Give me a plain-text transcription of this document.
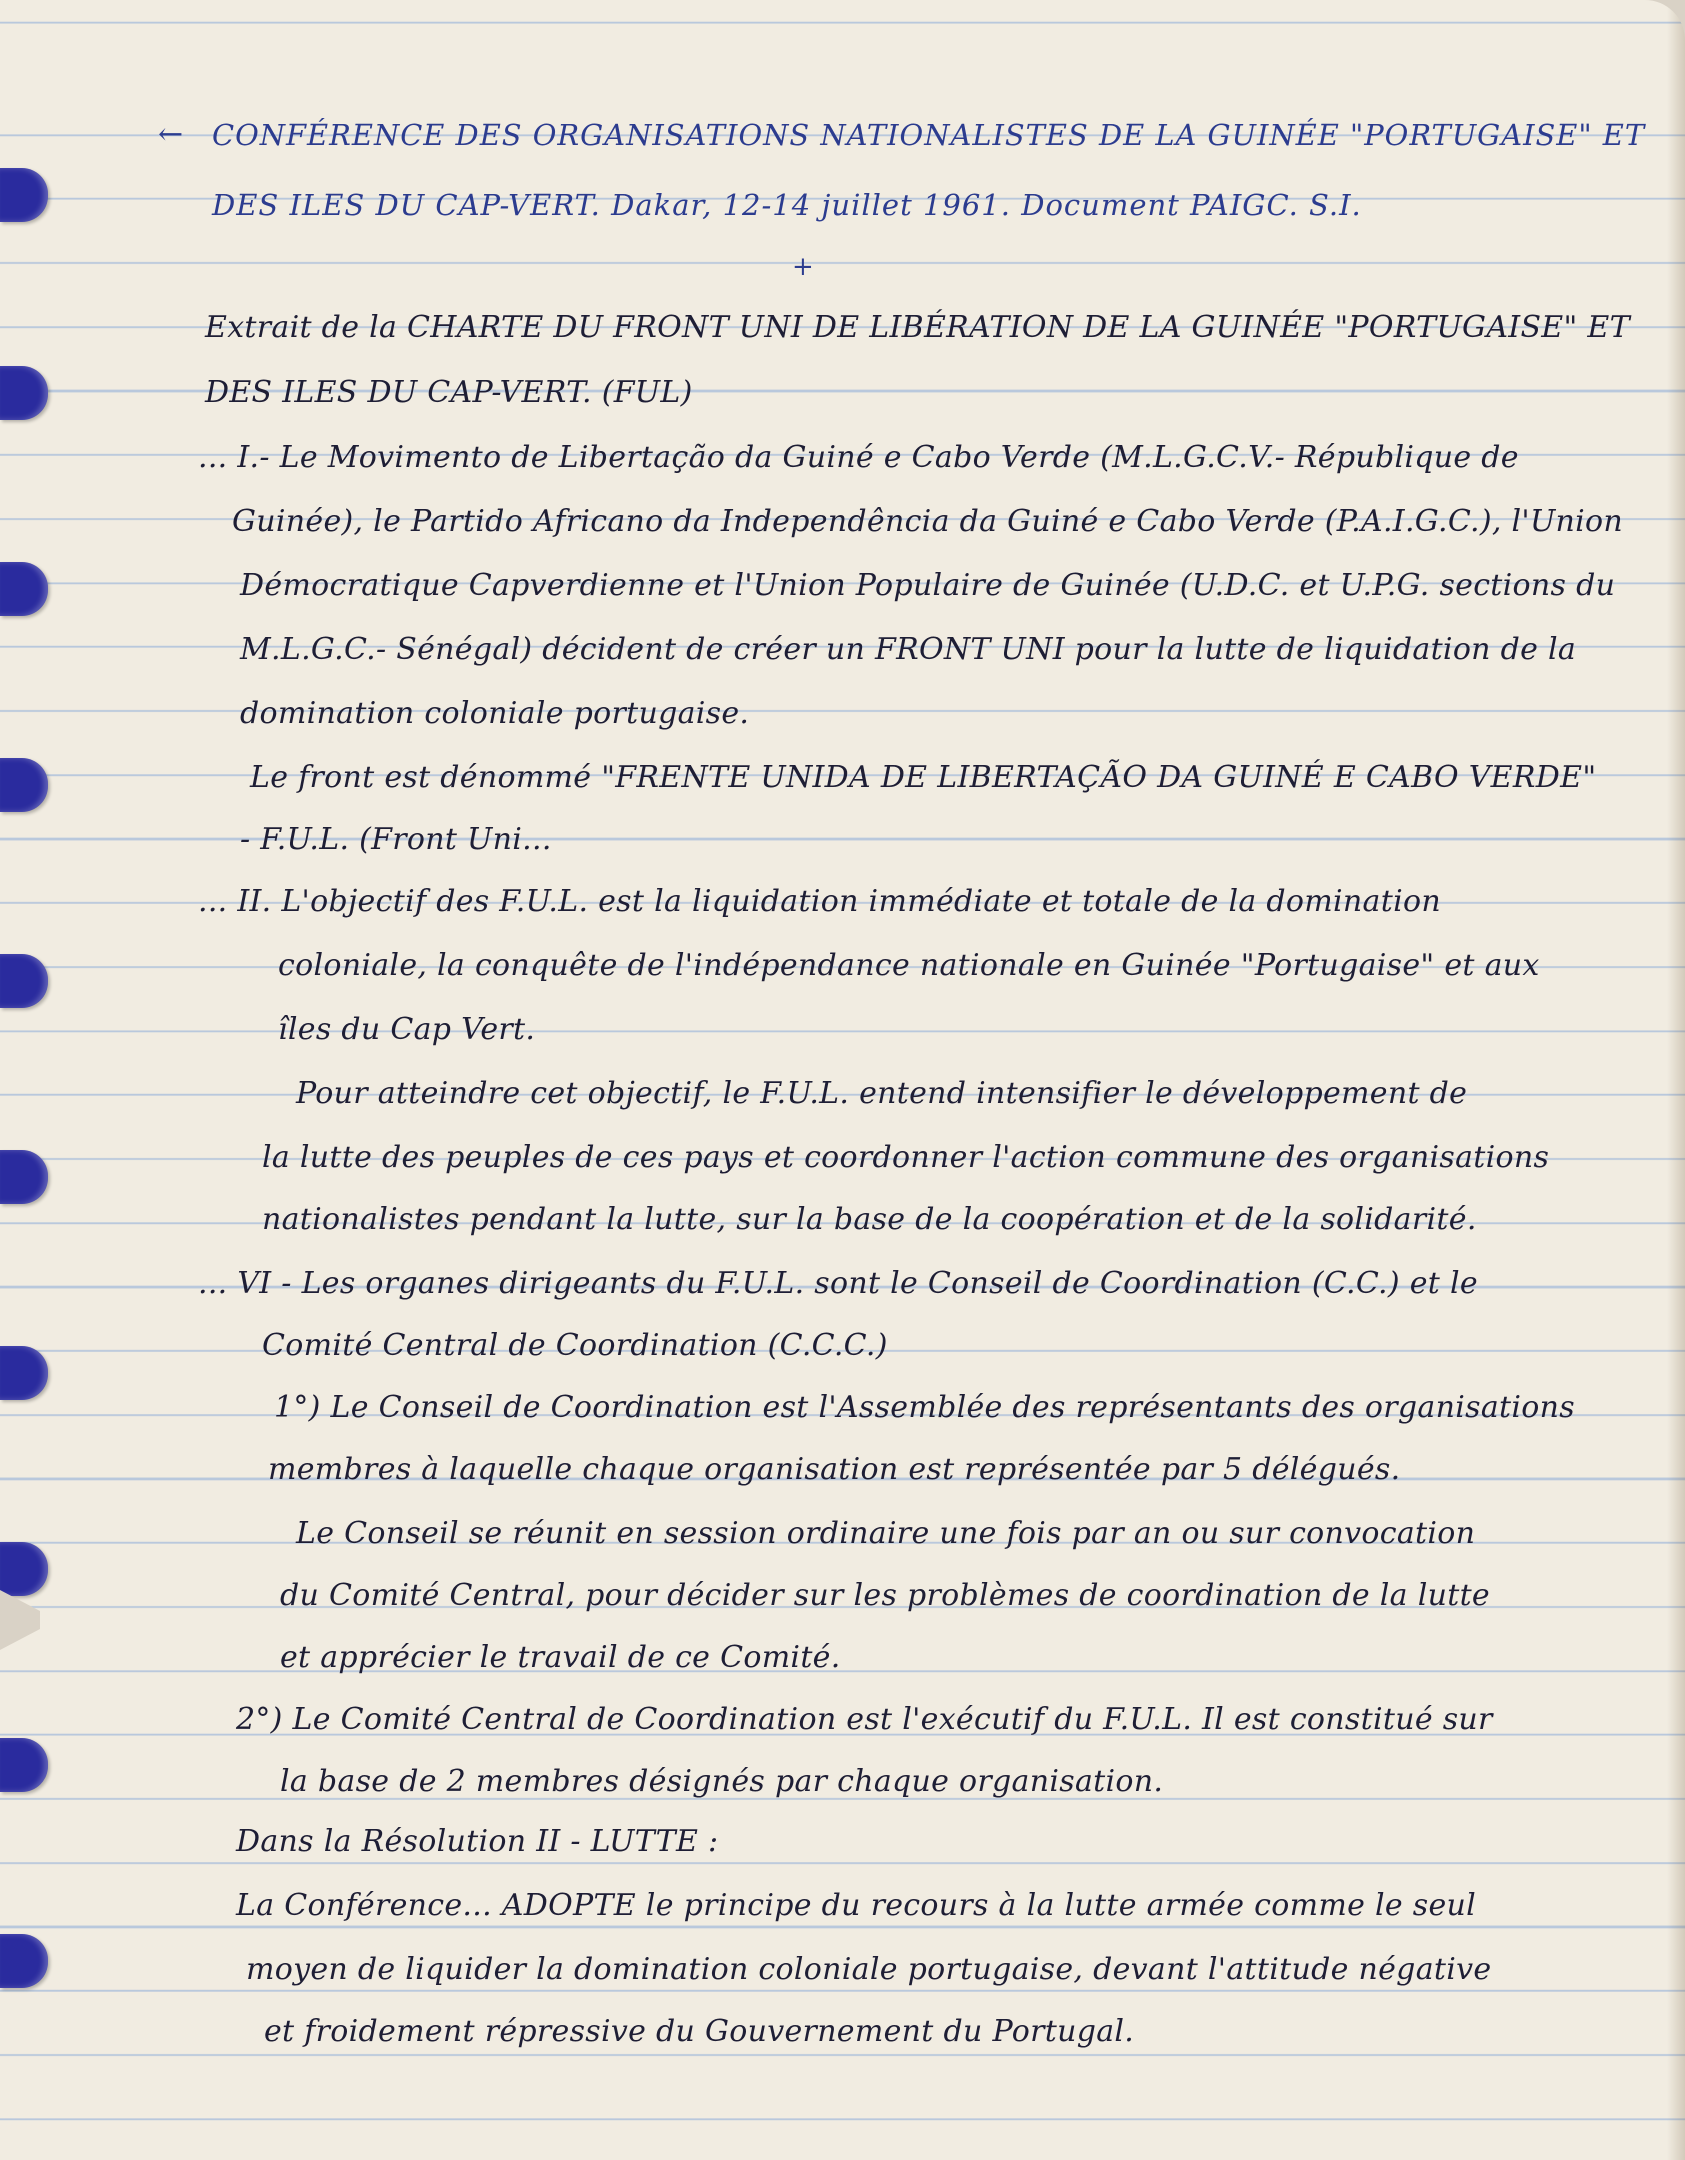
← CONFÉRENCE DES ORGANISATIONS NATIONALISTES DE LA GUINÉE "PORTUGAISE" ET
DES ILES DU CAP-VERT. Dakar, 12-14 juillet 1961. Document PAIGC. S.I.
+
Extrait de la CHARTE DU FRONT UNI DE LIBÉRATION DE LA GUINÉE "PORTUGAISE" ET
DES ILES DU CAP-VERT. (FUL)
... I.- Le Movimento de Libertação da Guiné e Cabo Verde (M.L.G.C.V.- République de
Guinée), le Partido Africano da Independência da Guiné e Cabo Verde (P.A.I.G.C.), l'Union
Démocratique Capverdienne et l'Union Populaire de Guinée (U.D.C. et U.P.G. sections du
M.L.G.C.- Sénégal) décident de créer un FRONT UNI pour la lutte de liquidation de la
domination coloniale portugaise.
Le front est dénommé "FRENTE UNIDA DE LIBERTAÇÃO DA GUINÉ E CABO VERDE"
- F.U.L. (Front Uni...
... II. L'objectif des F.U.L. est la liquidation immédiate et totale de la domination
coloniale, la conquête de l'indépendance nationale en Guinée "Portugaise" et aux
îles du Cap Vert.
Pour atteindre cet objectif, le F.U.L. entend intensifier le développement de
la lutte des peuples de ces pays et coordonner l'action commune des organisations
nationalistes pendant la lutte, sur la base de la coopération et de la solidarité.
... VI - Les organes dirigeants du F.U.L. sont le Conseil de Coordination (C.C.) et le
Comité Central de Coordination (C.C.C.)
1°) Le Conseil de Coordination est l'Assemblée des représentants des organisations
membres à laquelle chaque organisation est représentée par 5 délégués.
Le Conseil se réunit en session ordinaire une fois par an ou sur convocation
du Comité Central, pour décider sur les problèmes de coordination de la lutte
et apprécier le travail de ce Comité.
2°) Le Comité Central de Coordination est l'exécutif du F.U.L. Il est constitué sur
la base de 2 membres désignés par chaque organisation.
Dans la Résolution II - LUTTE :
La Conférence... ADOPTE le principe du recours à la lutte armée comme le seul
moyen de liquider la domination coloniale portugaise, devant l'attitude négative
et froidement répressive du Gouvernement du Portugal.
